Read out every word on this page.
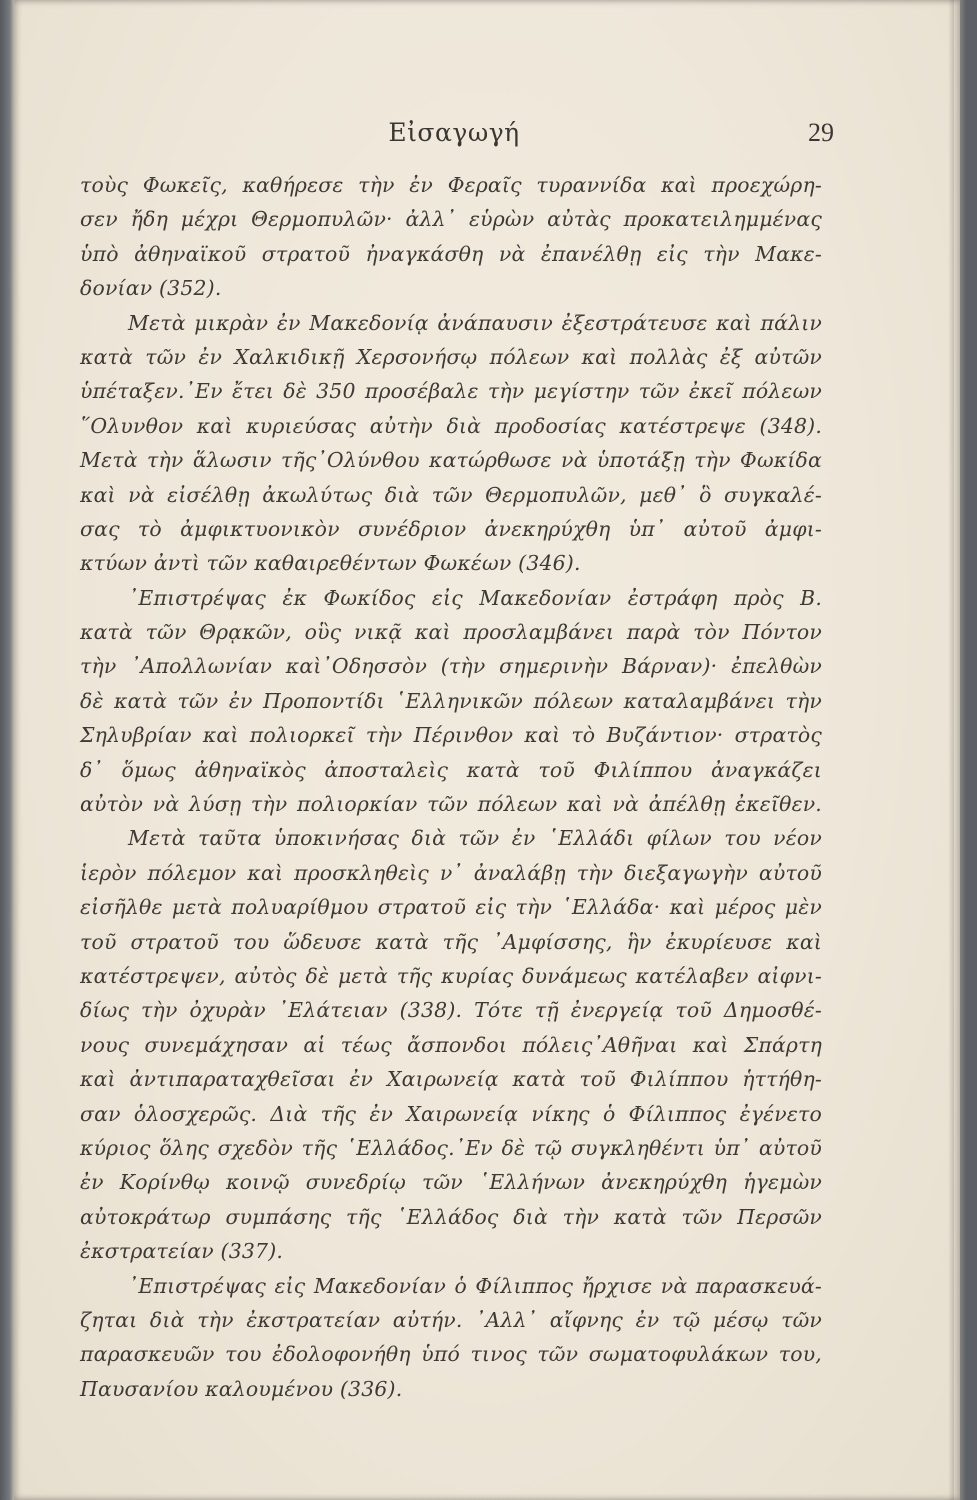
Εἰσαγωγή	29
τοὺς Φωκεῖς, καθήρεσε τὴν ἐν Φεραῖς τυραννίδα καὶ προεχώρη-
σεν ἤδη μέχρι Θερμοπυλῶν· ἀλλ᾽ εὑρὼν αὐτὰς προκατειλημμένας
ὑπὸ ἀθηναϊκοῦ στρατοῦ ἠναγκάσθη νὰ ἐπανέλθῃ εἰς τὴν Μακε-
δονίαν (352).
Μετὰ μικρὰν ἐν Μακεδονίᾳ ἀνάπαυσιν ἐξεστράτευσε καὶ πάλιν
κατὰ τῶν ἐν Χαλκιδικῇ Χερσονήσῳ πόλεων καὶ πολλὰς ἐξ αὐτῶν
ὑπέταξεν.᾽Εν ἔτει δὲ 350 προσέβαλε τὴν μεγίστην τῶν ἐκεῖ πόλεων
῞Ολυνθον καὶ κυριεύσας αὐτὴν διὰ προδοσίας κατέστρεψε (348).
Μετὰ τὴν ἅλωσιν τῆς᾽Ολύνθου κατώρθωσε νὰ ὑποτάξῃ τὴν Φωκίδα
καὶ νὰ εἰσέλθῃ ἀκωλύτως διὰ τῶν Θερμοπυλῶν, μεθ᾽ ὃ συγκαλέ-
σας τὸ ἀμφικτυονικὸν συνέδριον ἀνεκηρύχθη ὑπ᾽ αὐτοῦ ἀμφι-
κτύων ἀντὶ τῶν καθαιρεθέντων Φωκέων (346).
᾽Επιστρέψας ἐκ Φωκίδος εἰς Μακεδονίαν ἐστράφη πρὸς Β.
κατὰ τῶν Θρᾳκῶν, οὓς νικᾷ καὶ προσλαμβάνει παρὰ τὸν Πόντον
τὴν ᾽Απολλωνίαν καὶ᾽Οδησσὸν (τὴν σημερινὴν Βάρναν)· ἐπελθὼν
δὲ κατὰ τῶν ἐν Προποντίδι ῾Ελληνικῶν πόλεων καταλαμβάνει τὴν
Σηλυβρίαν καὶ πολιορκεῖ τὴν Πέρινθον καὶ τὸ Βυζάντιον· στρατὸς
δ᾽ ὅμως ἀθηναϊκὸς ἀποσταλεὶς κατὰ τοῦ Φιλίππου ἀναγκάζει
αὐτὸν νὰ λύσῃ τὴν πολιορκίαν τῶν πόλεων καὶ νὰ ἀπέλθῃ ἐκεῖθεν.
Μετὰ ταῦτα ὑποκινήσας διὰ τῶν ἐν ῾Ελλάδι φίλων του νέον
ἱερὸν πόλεμον καὶ προσκληθεὶς ν᾽ ἀναλάβῃ τὴν διεξαγωγὴν αὐτοῦ
εἰσῆλθε μετὰ πολυαρίθμου στρατοῦ εἰς τὴν ῾Ελλάδα· καὶ μέρος μὲν
τοῦ στρατοῦ του ὥδευσε κατὰ τῆς ᾽Αμφίσσης, ἣν ἐκυρίευσε καὶ
κατέστρεψεν, αὐτὸς δὲ μετὰ τῆς κυρίας δυνάμεως κατέλαβεν αἰφνι-
δίως τὴν ὀχυρὰν ᾽Ελάτειαν (338). Τότε τῇ ἐνεργείᾳ τοῦ Δημοσθέ-
νους συνεμάχησαν αἱ τέως ἄσπονδοι πόλεις᾽Αθῆναι καὶ Σπάρτη
καὶ ἀντιπαραταχθεῖσαι ἐν Χαιρωνείᾳ κατὰ τοῦ Φιλίππου ἡττήθη-
σαν ὁλοσχερῶς. Διὰ τῆς ἐν Χαιρωνείᾳ νίκης ὁ Φίλιππος ἐγένετο
κύριος ὅλης σχεδὸν τῆς ῾Ελλάδος.᾽Εν δὲ τῷ συγκληθέντι ὑπ᾽ αὐτοῦ
ἐν Κορίνθῳ κοινῷ συνεδρίῳ τῶν ῾Ελλήνων ἀνεκηρύχθη ἡγεμὼν
αὐτοκράτωρ συμπάσης τῆς ῾Ελλάδος διὰ τὴν κατὰ τῶν Περσῶν
ἐκστρατείαν (337).
᾽Επιστρέψας εἰς Μακεδονίαν ὁ Φίλιππος ἤρχισε νὰ παρασκευά-
ζηται διὰ τὴν ἐκστρατείαν αὐτήν. ᾽Αλλ᾽ αἴφνης ἐν τῷ μέσῳ τῶν
παρασκευῶν του ἐδολοφονήθη ὑπό τινος τῶν σωματοφυλάκων του,
Παυσανίου καλουμένου (336).
